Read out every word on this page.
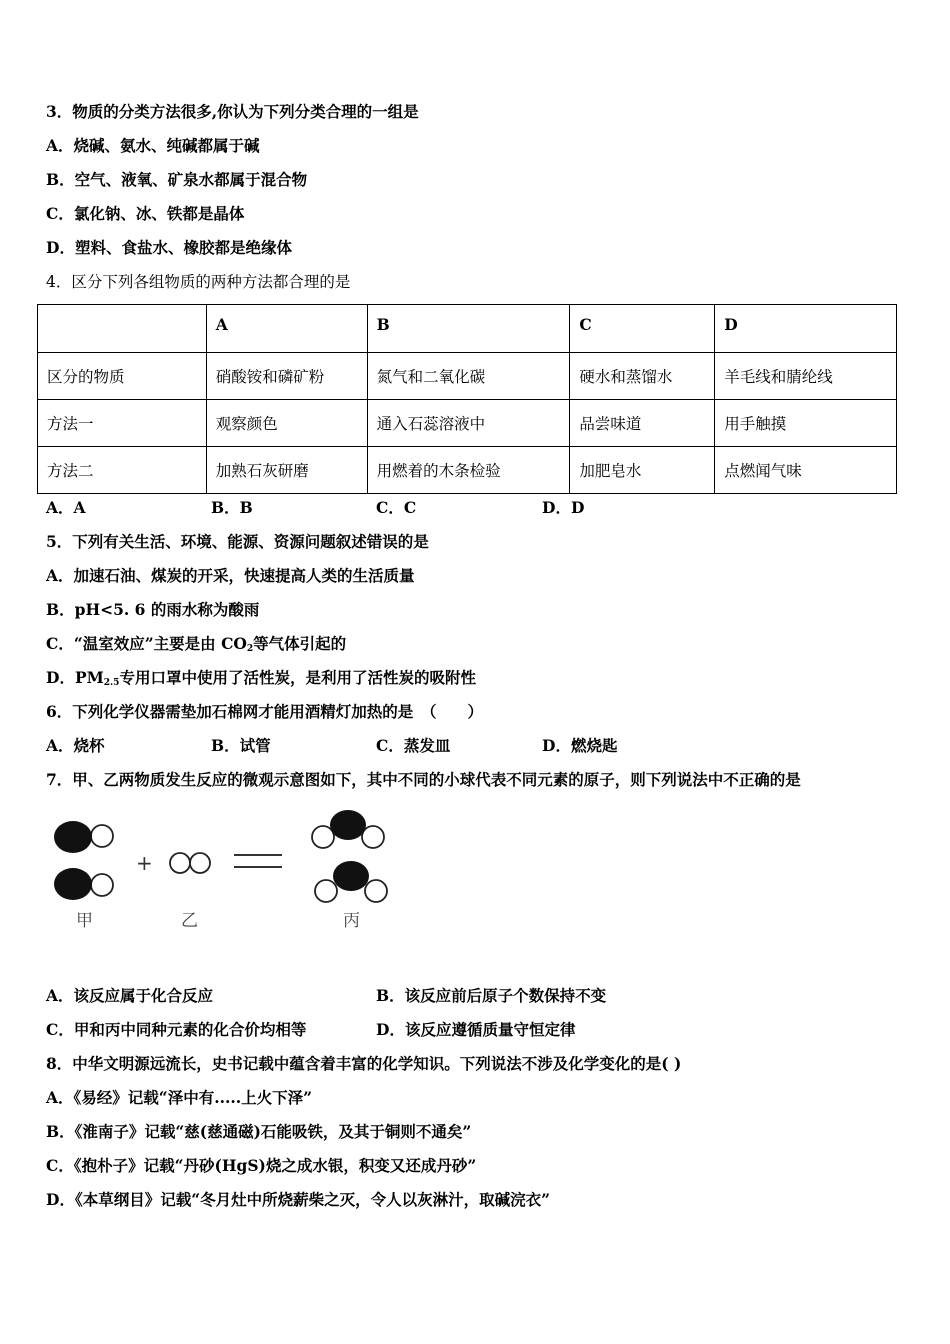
3．物质的分类方法很多,你认为下列分类合理的一组是
A．烧碱、氨水、纯碱都属于碱
B．空气、液氧、矿泉水都属于混合物
C．氯化钠、冰、铁都是晶体
D．塑料、食盐水、橡胶都是绝缘体
4．区分下列各组物质的两种方法都合理的是
	A	B	C	D
区分的物质	硝酸铵和磷矿粉	氮气和二氧化碳	硬水和蒸馏水	羊毛线和腈纶线
方法一	观察颜色	通入石蕊溶液中	品尝味道	用手触摸
方法二	加熟石灰研磨	用燃着的木条检验	加肥皂水	点燃闻气味
A．A	B．B	C．C	D．D
5．下列有关生活、环境、能源、资源问题叙述错误的是
A．加速石油、煤炭的开采，快速提高人类的生活质量
B．pH<5. 6 的雨水称为酸雨
C．“温室效应”主要是由 $CO_2$等气体引起的
D．$PM_{2.5}$专用口罩中使用了活性炭，是利用了活性炭的吸附性
6．下列化学仪器需垫加石棉网才能用酒精灯加热的是　（　　）
A．烧杯	B．试管	C．蒸发皿	D．燃烧匙
7．甲、乙两物质发生反应的微观示意图如下，其中不同的小球代表不同元素的原子，则下列说法中不正确的是
+
甲	乙	丙
A．该反应属于化合反应	B．该反应前后原子个数保持不变
C．甲和丙中同种元素的化合价均相等	D．该反应遵循质量守恒定律
8．中华文明源远流长，史书记载中蕴含着丰富的化学知识。下列说法不涉及化学变化的是( )
A．《易经》记载“泽中有.....上火下泽”
B．《淮南子》记载“慈(慈通磁)石能吸铁，及其于铜则不通矣”
C．《抱朴子》记载“丹砂(HgS)烧之成水银，积变又还成丹砂”
D．《本草纲目》记载“冬月灶中所烧薪柴之灭，令人以灰淋汁，取碱浣衣”
